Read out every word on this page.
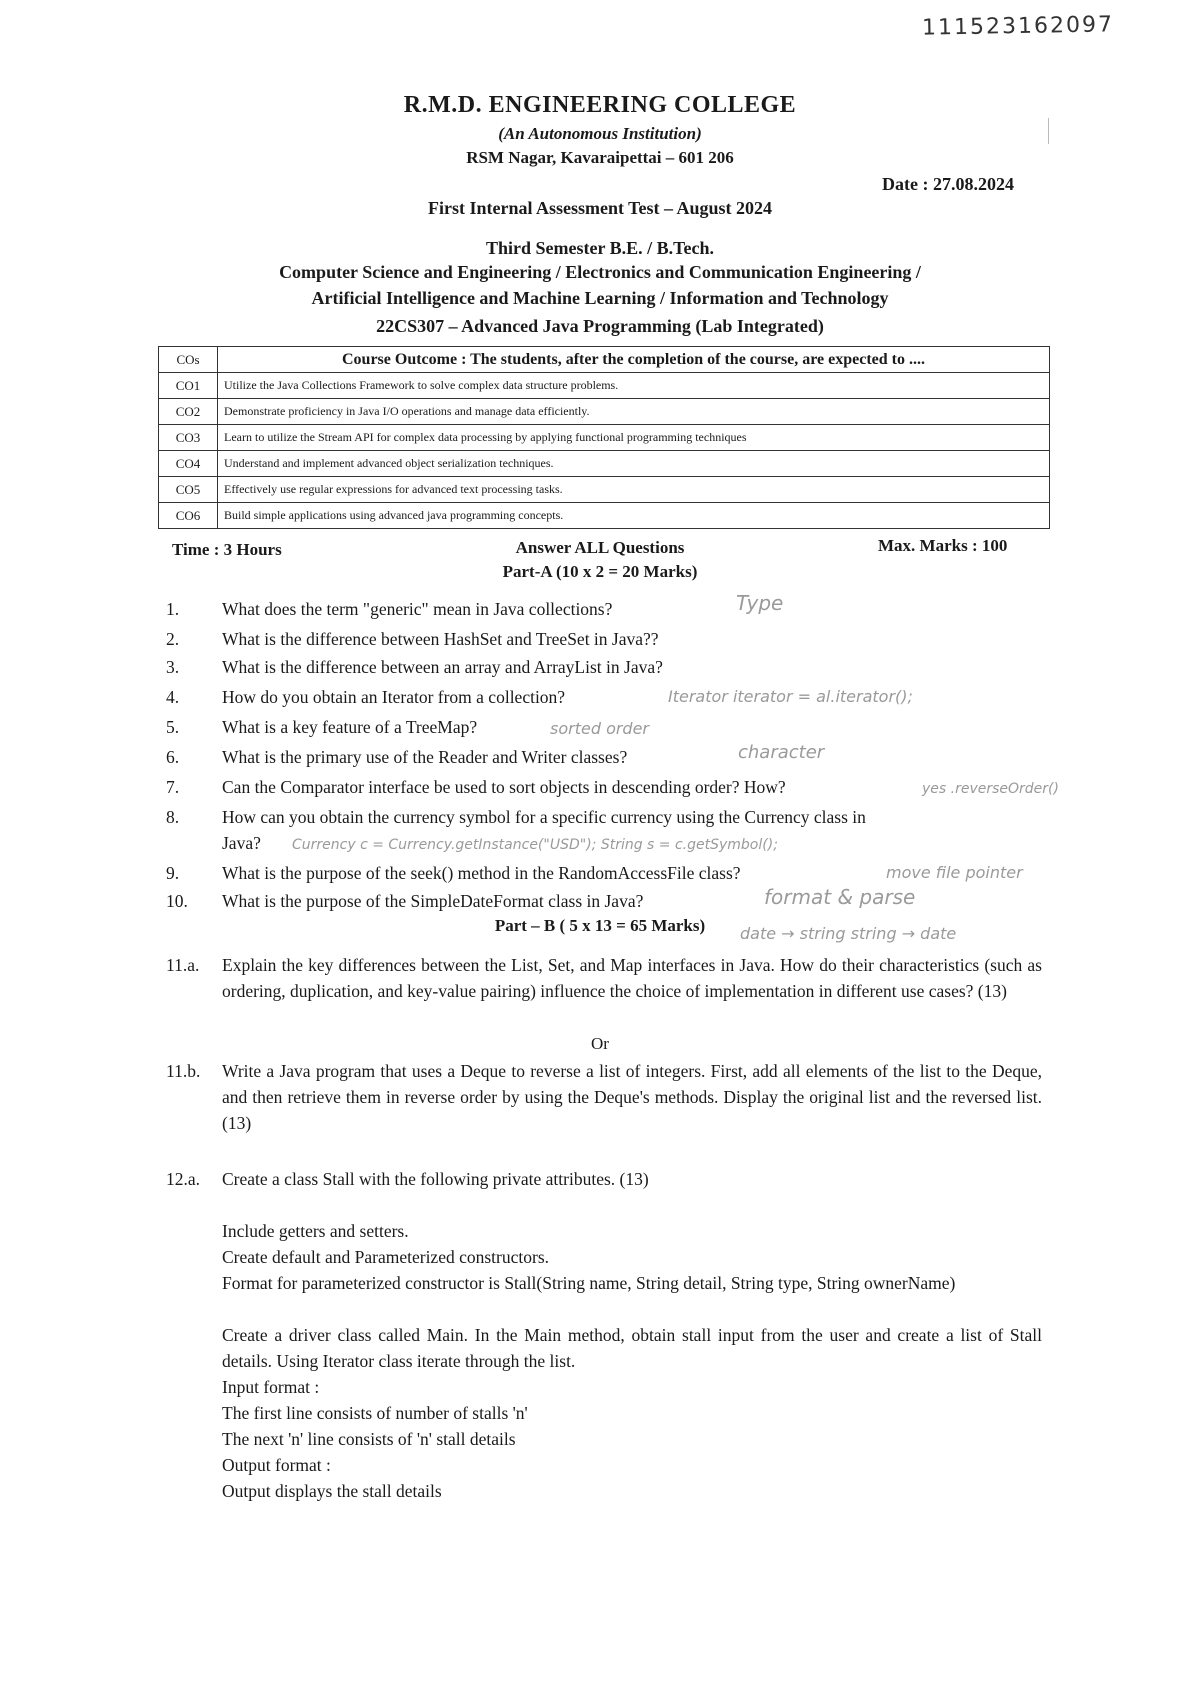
111523162097
R.M.D. ENGINEERING COLLEGE
(An Autonomous Institution)
RSM Nagar, Kavaraipettai – 601 206
Date : 27.08.2024
First Internal Assessment Test – August 2024
Third Semester B.E. / B.Tech.
Computer Science and Engineering / Electronics and Communication Engineering /
Artificial Intelligence and Machine Learning / Information and Technology
22CS307 – Advanced Java Programming (Lab Integrated)
COs	Course Outcome : The students, after the completion of the course, are expected to ....
CO1	Utilize the Java Collections Framework to solve complex data structure problems.
CO2	Demonstrate proficiency in Java I/O operations and manage data efficiently.
CO3	Learn to utilize the Stream API for complex data processing by applying functional programming techniques
CO4	Understand and implement advanced object serialization techniques.
CO5	Effectively use regular expressions for advanced text processing tasks.
CO6	Build simple applications using advanced java programming concepts.
Time : 3 Hours	Answer ALL Questions	Max. Marks : 100
Part-A (10 x 2 = 20 Marks)
1. What does the term "generic" mean in Java collections?	Type
2. What is the difference between HashSet and TreeSet in Java??
3. What is the difference between an array and ArrayList in Java?
4. How do you obtain an Iterator from a collection?	Iterator iterator = al.iterator();
5. What is a key feature of a TreeMap?	sorted order
6. What is the primary use of the Reader and Writer classes?	character
7. Can the Comparator interface be used to sort objects in descending order? How?	yes .reverseOrder()
8. How can you obtain the currency symbol for a specific currency using the Currency class in
Java?	Currency c = Currency.getInstance("USD"); String s = c.getSymbol();
9. What is the purpose of the seek() method in the RandomAccessFile class?	move file pointer
10. What is the purpose of the SimpleDateFormat class in Java?	format & parse
Part – B ( 5 x 13 = 65 Marks)	date → string string → date
11.a. Explain the key differences between the List, Set, and Map interfaces in Java. How do their characteristics (such as ordering, duplication, and key-value pairing) influence the choice of implementation in different use cases? (13)
Or
11.b. Write a Java program that uses a Deque to reverse a list of integers. First, add all elements of the list to the Deque, and then retrieve them in reverse order by using the Deque's methods. Display the original list and the reversed list. (13)
12.a. Create a class Stall with the following private attributes. (13)
Include getters and setters.
Create default and Parameterized constructors.
Format for parameterized constructor is Stall(String name, String detail, String type, String ownerName)
Create a driver class called Main. In the Main method, obtain stall input from the user and create a list of Stall details. Using Iterator class iterate through the list.
Input format :
The first line consists of number of stalls 'n'
The next 'n' line consists of 'n' stall details
Output format :
Output displays the stall details
